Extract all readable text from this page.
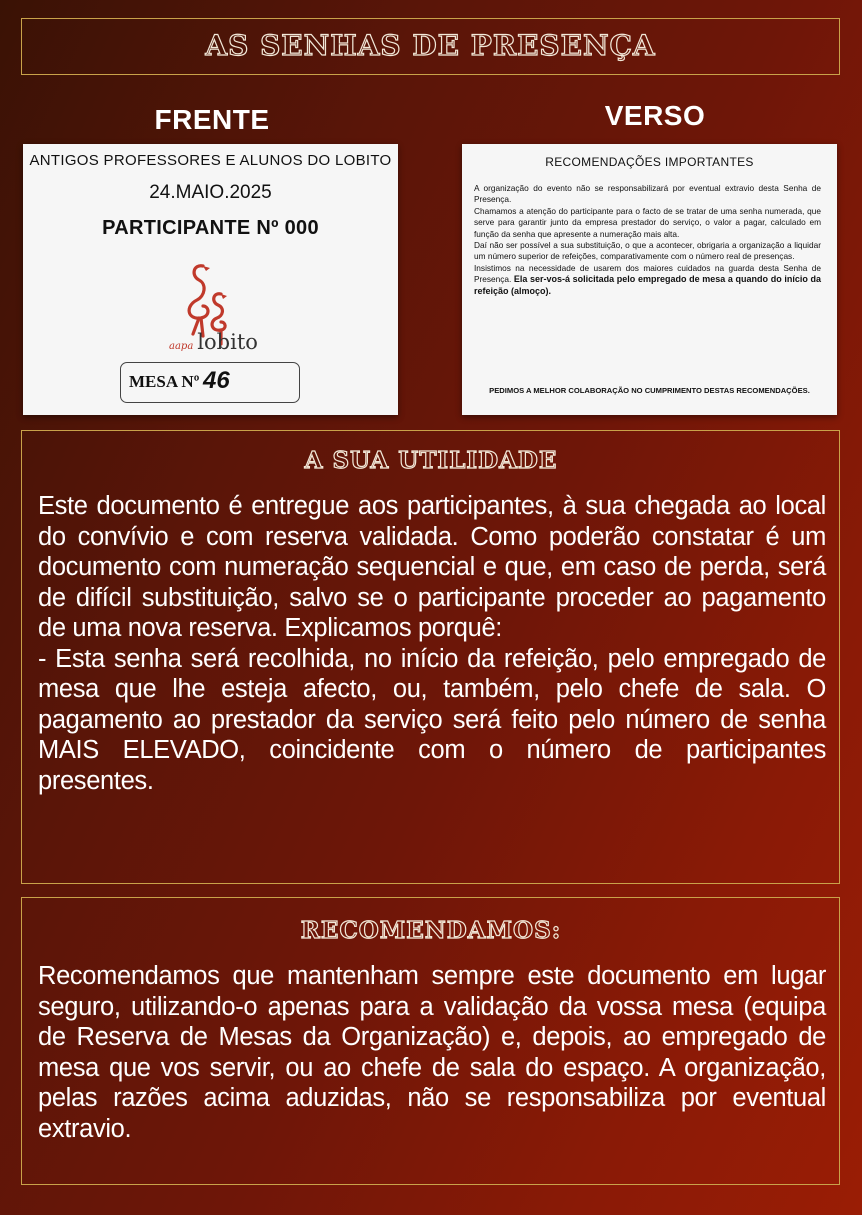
AS SENHAS DE PRESENÇA
FRENTE	VERSO
ANTIGOS PROFESSORES E ALUNOS DO LOBITO
24.MAIO.2025
PARTICIPANTE Nº 000
aapa lobito
MESA Nº 46
RECOMENDAÇÕES IMPORTANTES
A organização do evento não se responsabilizará por eventual extravio desta Senha de Presença.
Chamamos a atenção do participante para o facto de se tratar de uma senha numerada, que serve para garantir junto da empresa prestador do serviço, o valor a pagar, calculado em função da senha que apresente a numeração mais alta.
Daí não ser possível a sua substituição, o que a acontecer, obrigaria a organização a liquidar um número superior de refeições, comparativamente com o número real de presenças.
Insistimos na necessidade de usarem dos maiores cuidados na guarda desta Senha de Presença. Ela ser-vos-á solicitada pelo empregado de mesa a quando do início da refeição (almoço).
PEDIMOS A MELHOR COLABORAÇÃO NO CUMPRIMENTO DESTAS RECOMENDAÇÕES.
A SUA UTILIDADE

Este documento é entregue aos participantes, à sua chegada ao local do convívio e com reserva validada. Como poderão constatar é um documento com numeração sequencial e que, em caso de perda, será de difícil substituição, salvo se o participante proceder ao pagamento de uma nova reserva. Explicamos porquê:

- Esta senha será recolhida, no início da refeição, pelo empregado de mesa que lhe esteja afecto, ou, também, pelo chefe de sala. O pagamento ao prestador da serviço será feito pelo número de senha MAIS ELEVADO, coincidente com o número de participantes presentes.

RECOMENDAMOS:

Recomendamos que mantenham sempre este documento em lugar seguro, utilizando-o apenas para a validação da vossa mesa (equipa de Reserva de Mesas da Organização) e, depois, ao empregado de mesa que vos servir, ou ao chefe de sala do espaço. A organização, pelas razões acima aduzidas, não se responsabiliza por eventual extravio.
